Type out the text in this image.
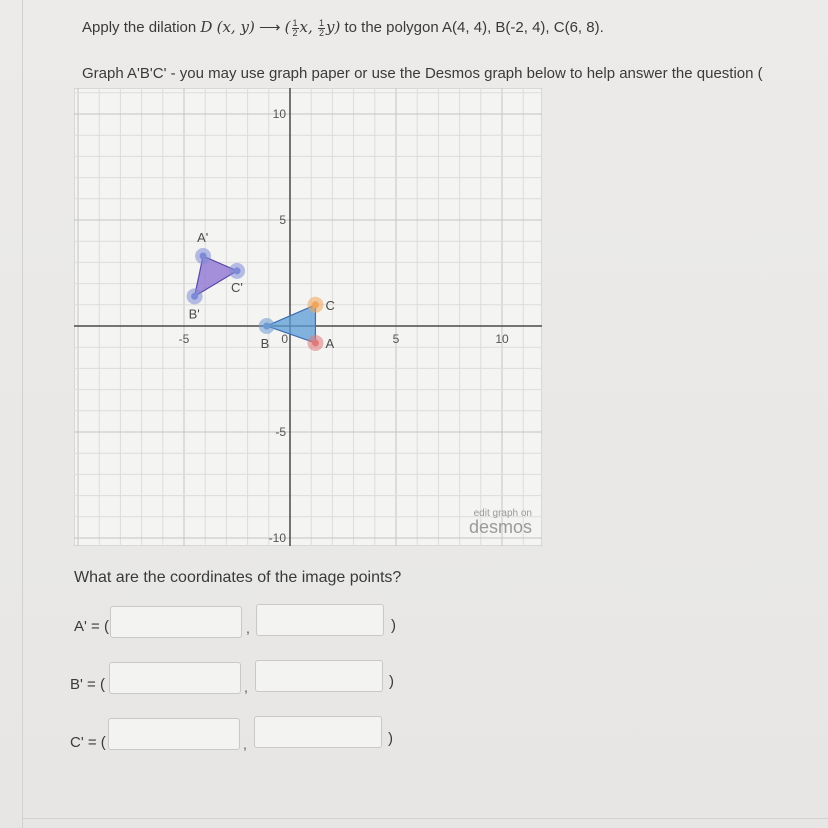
Apply the dilation D (x, y) ⟶ ( $\frac{1}{2} x$, $\frac{1}{2} y$) to the polygon A(4, 4), B(-2, 4), C(6, 8).
Graph A'B'C' - you may use graph paper or use the Desmos graph below to help answer the question (
-5	5	10
10
5
-5
-10
0	A
B
C
A'
B'
C'
edit graph on
desmos
What are the coordinates of the image points?
A' = (	,	)
B' = (	,	)
C' = (	,	)
